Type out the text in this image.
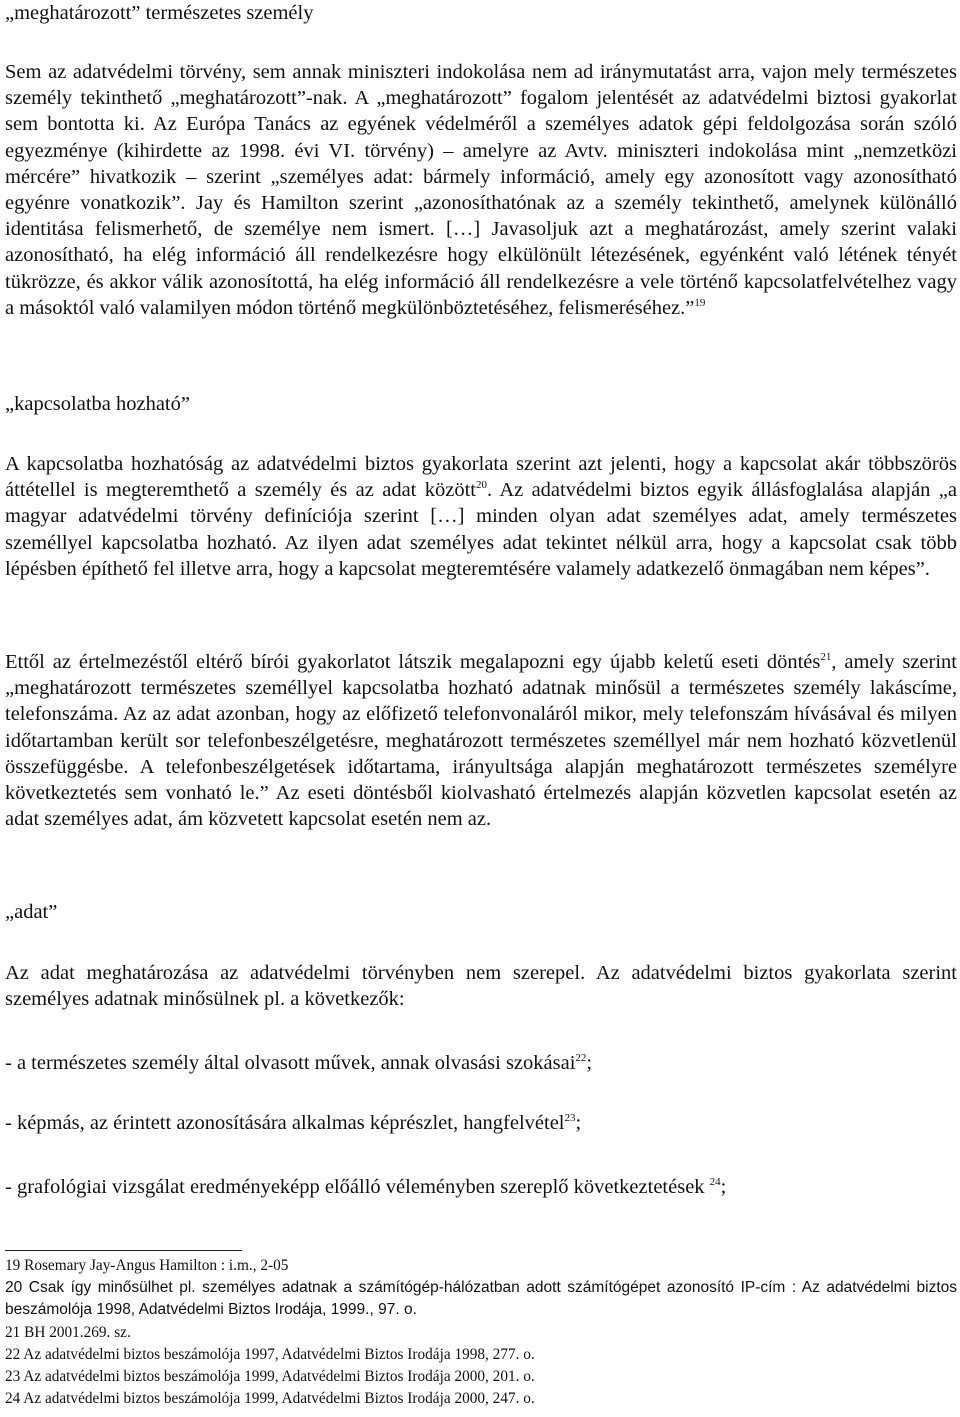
„meghatározott” természetes személy

Sem az adatvédelmi törvény, sem annak miniszteri indokolása nem ad iránymutatást arra, vajon mely természetes személy tekinthető „meghatározott”-nak. A „meghatározott” fogalom jelentését az adatvédelmi biztosi gyakorlat sem bontotta ki. Az Európa Tanács az egyének védelméről a személyes adatok gépi feldolgozása során szóló egyezménye (kihirdette az 1998. évi VI. törvény) – amelyre az Avtv. miniszteri indokolása mint „nemzetközi mércére” hivatkozik – szerint „személyes adat: bármely információ, amely egy azonosított vagy azonosítható egyénre vonatkozik”. Jay és Hamilton szerint „azonosíthatónak az a személy tekinthető, amelynek különálló identitása felismerhető, de személye nem ismert. […] Javasoljuk azt a meghatározást, amely szerint valaki azonosítható, ha elég információ áll rendelkezésre hogy elkülönült létezésének, egyénként való létének tényét tükrözze, és akkor válik azonosítottá, ha elég információ áll rendelkezésre a vele történő kapcsolatfelvételhez vagy a másoktól való valamilyen módon történő megkülönböztetéséhez, felismeréséhez.”$^{19}$

„kapcsolatba hozható”

A kapcsolatba hozhatóság az adatvédelmi biztos gyakorlata szerint azt jelenti, hogy a kapcsolat akár többszörös áttétellel is megteremthető a személy és az adat között$^{20}$. Az adatvédelmi biztos egyik állásfoglalása alapján „a magyar adatvédelmi törvény definíciója szerint […] minden olyan adat személyes adat, amely természetes személlyel kapcsolatba hozható. Az ilyen adat személyes adat tekintet nélkül arra, hogy a kapcsolat csak több lépésben építhető fel illetve arra, hogy a kapcsolat megteremtésére valamely adatkezelő önmagában nem képes”.

Ettől az értelmezéstől eltérő bírói gyakorlatot látszik megalapozni egy újabb keletű eseti döntés$^{21}$, amely szerint „meghatározott természetes személlyel kapcsolatba hozható adatnak minősül a természetes személy lakáscíme, telefonszáma. Az az adat azonban, hogy az előfizető telefonvonaláról mikor, mely telefonszám hívásával és milyen időtartamban került sor telefonbeszélgetésre, meghatározott természetes személlyel már nem hozható közvetlenül összefüggésbe. A telefonbeszélgetések időtartama, irányultsága alapján meghatározott természetes személyre következtetés sem vonható le.” Az eseti döntésből kiolvasható értelmezés alapján közvetlen kapcsolat esetén az adat személyes adat, ám közvetett kapcsolat esetén nem az.

„adat”

Az adat meghatározása az adatvédelmi törvényben nem szerepel. Az adatvédelmi biztos gyakorlata szerint személyes adatnak minősülnek pl. a következők:

- a természetes személy által olvasott művek, annak olvasási szokásai$^{22}$;

- képmás, az érintett azonosítására alkalmas képrészlet, hangfelvétel$^{23}$;

- grafológiai vizsgálat eredményeképp előálló véleményben szereplő következtetések $^{24}$;

19 Rosemary Jay-Angus Hamilton : i.m., 2-05

20 Csak így minősülhet pl. személyes adatnak a számítógép-hálózatban adott számítógépet azonosító IP-cím : Az adatvédelmi biztos beszámolója 1998, Adatvédelmi Biztos Irodája, 1999., 97. o.

21 BH 2001.269. sz.

22 Az adatvédelmi biztos beszámolója 1997, Adatvédelmi Biztos Irodája 1998, 277. o.

23 Az adatvédelmi biztos beszámolója 1999, Adatvédelmi Biztos Irodája 2000, 201. o.

24 Az adatvédelmi biztos beszámolója 1999, Adatvédelmi Biztos Irodája 2000, 247. o.
